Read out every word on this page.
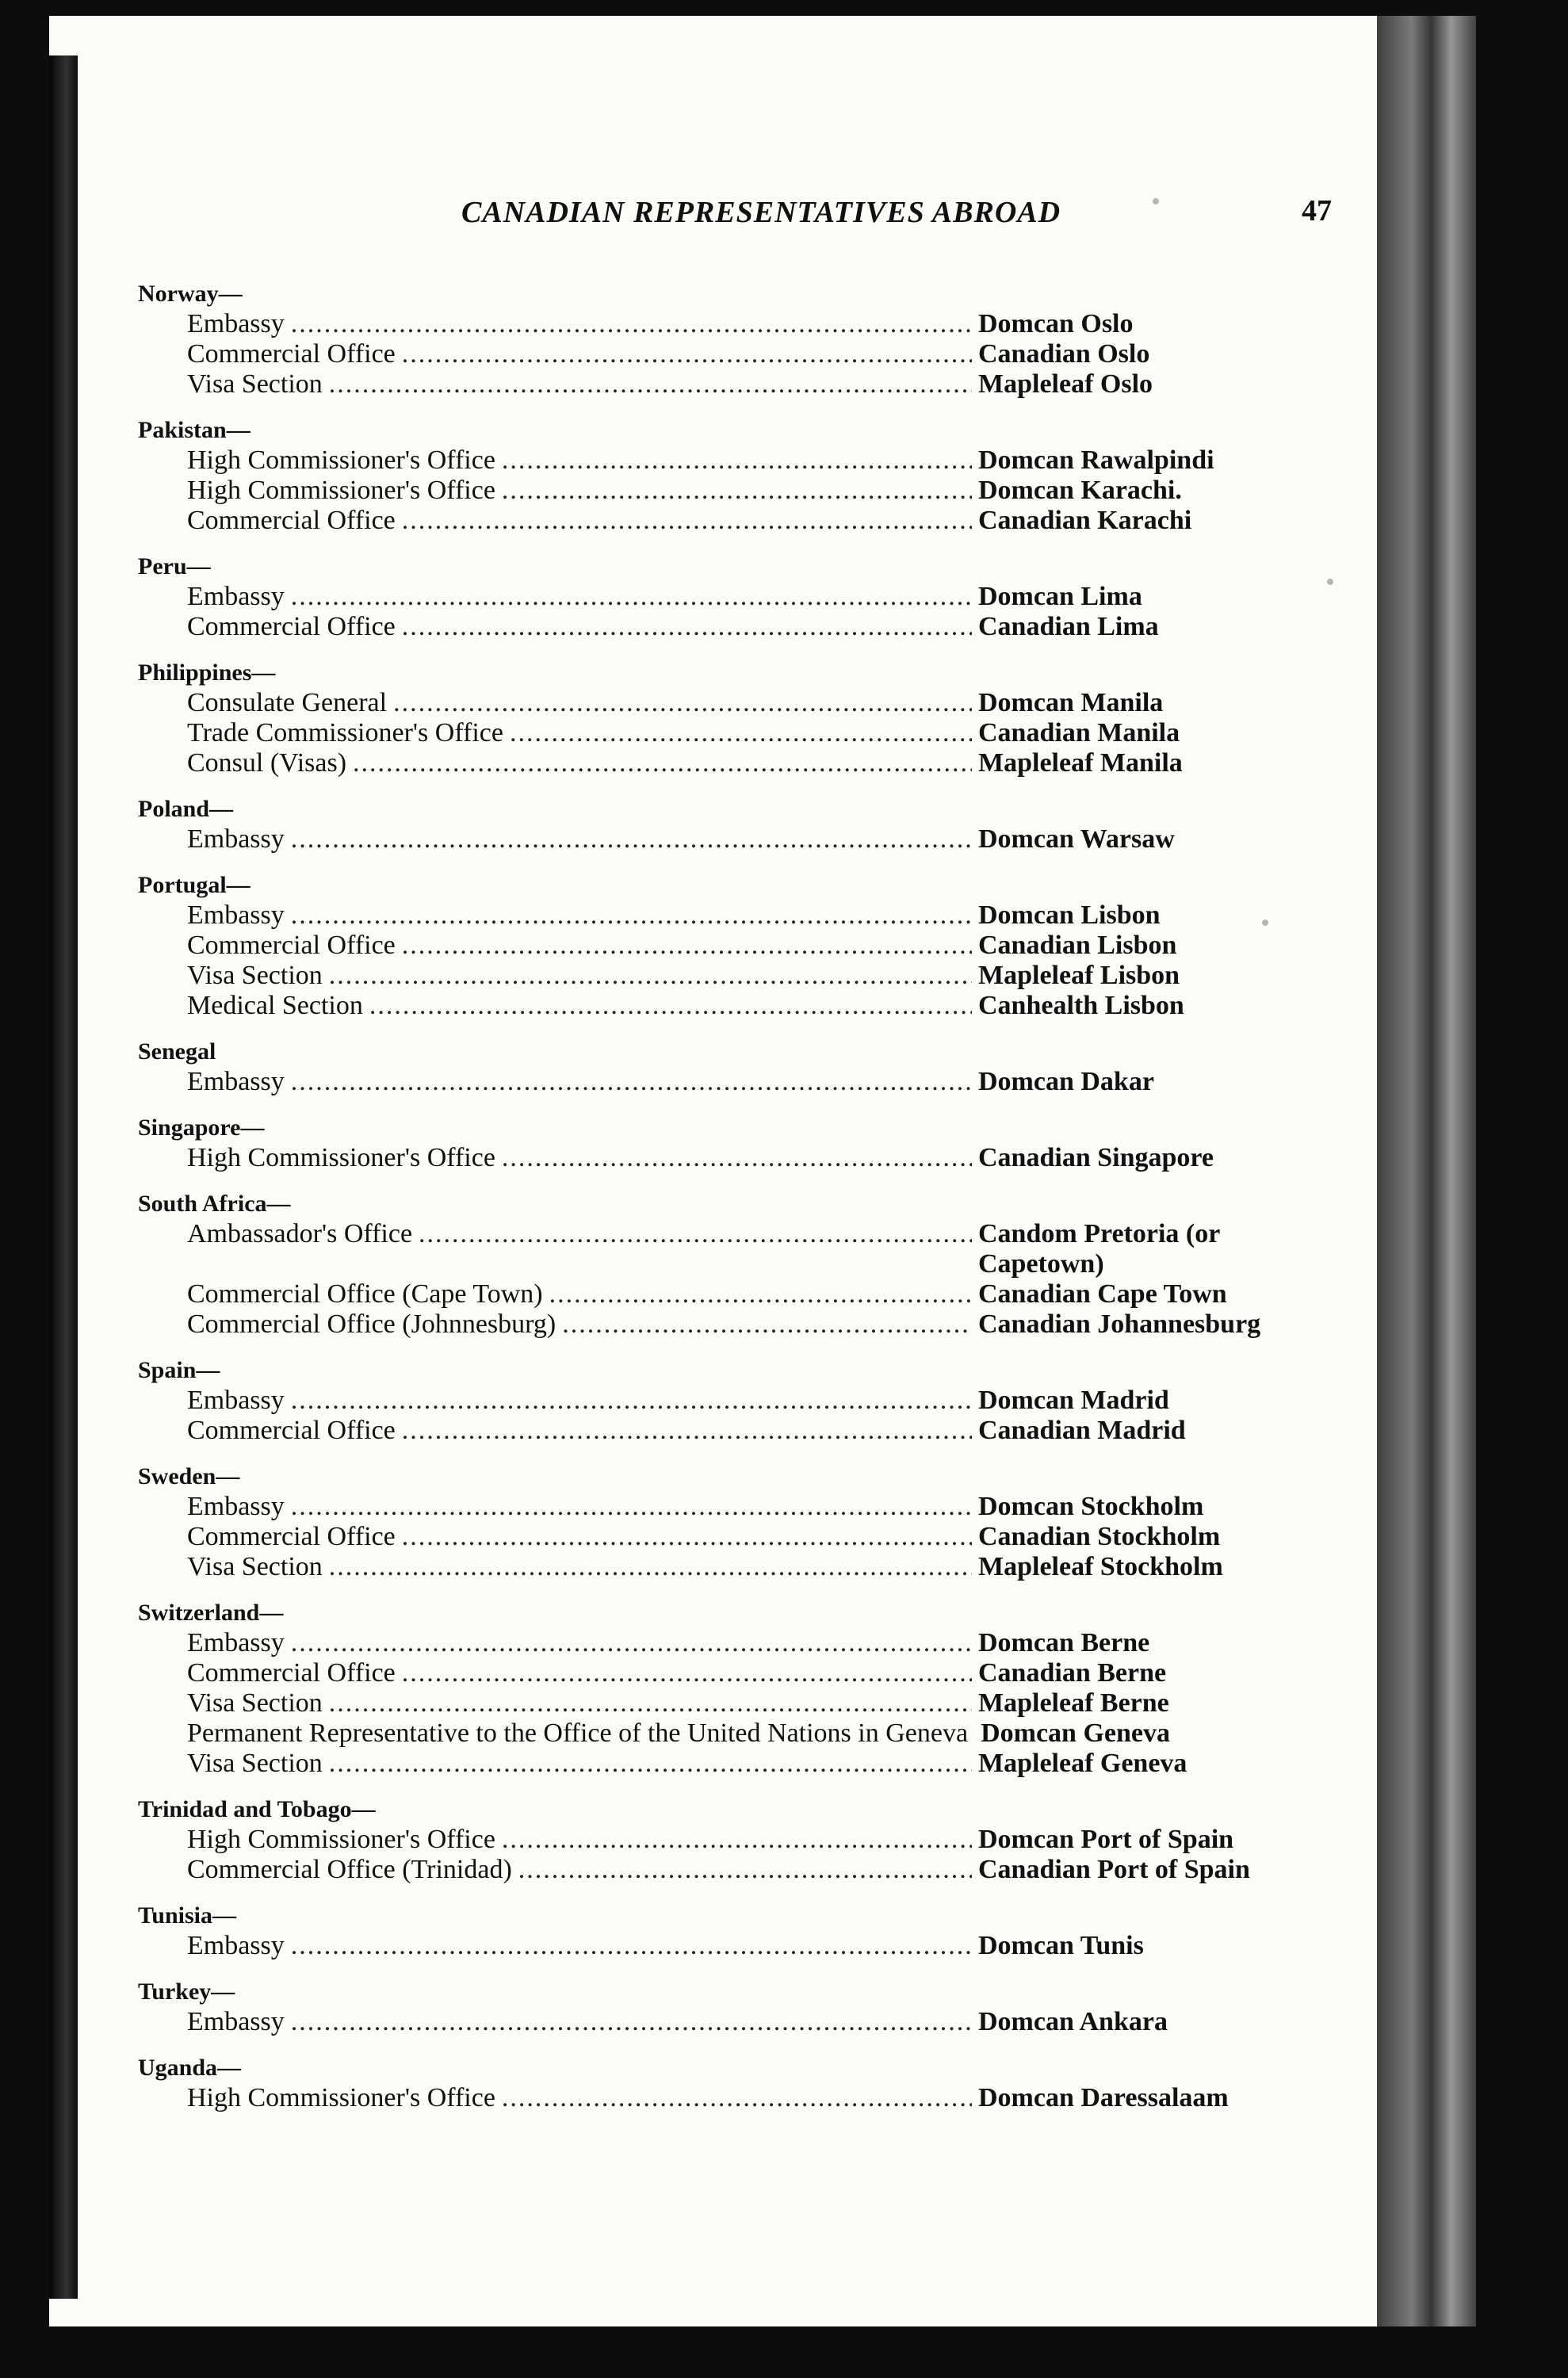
CANADIAN REPRESENTATIVES ABROAD	47
Norway—
Embassy .....	Domcan Oslo
Commercial Office .....	Canadian Oslo
Visa Section .....	Mapleleaf Oslo
Pakistan—
High Commissioner's Office .....	Domcan Rawalpindi
High Commissioner's Office .....	Domcan Karachi.
Commercial Office .....	Canadian Karachi
Peru—
Embassy .....	Domcan Lima
Commercial Office .....	Canadian Lima
Philippines—
Consulate General .....	Domcan Manila
Trade Commissioner's Office .....	Canadian Manila
Consul (Visas) .....	Mapleleaf Manila
Poland—
Embassy .....	Domcan Warsaw
Portugal—
Embassy .....	Domcan Lisbon
Commercial Office .....	Canadian Lisbon
Visa Section .....	Mapleleaf Lisbon
Medical Section .....	Canhealth Lisbon
Senegal
Embassy .....	Domcan Dakar
Singapore—
High Commissioner's Office .....	Canadian Singapore
South Africa—
Ambassador's Office .....	Candom Pretoria (or
Capetown)
Commercial Office (Cape Town) .....	Canadian Cape Town
Commercial Office (Johnnesburg) .....	Canadian Johannesburg
Spain—
Embassy .....	Domcan Madrid
Commercial Office .....	Canadian Madrid
Sweden—
Embassy .....	Domcan Stockholm
Commercial Office .....	Canadian Stockholm
Visa Section .....	Mapleleaf Stockholm
Switzerland—
Embassy .....	Domcan Berne
Commercial Office .....	Canadian Berne
Visa Section .....	Mapleleaf Berne
Permanent Representative to the Office of the United Nations in Geneva Domcan Geneva
Visa Section .....	Mapleleaf Geneva
Trinidad and Tobago—
High Commissioner's Office .....	Domcan Port of Spain
Commercial Office (Trinidad) .....	Canadian Port of Spain
Tunisia—
Embassy .....	Domcan Tunis
Turkey—
Embassy .....	Domcan Ankara
Uganda—
High Commissioner's Office .....	Domcan Daressalaam
